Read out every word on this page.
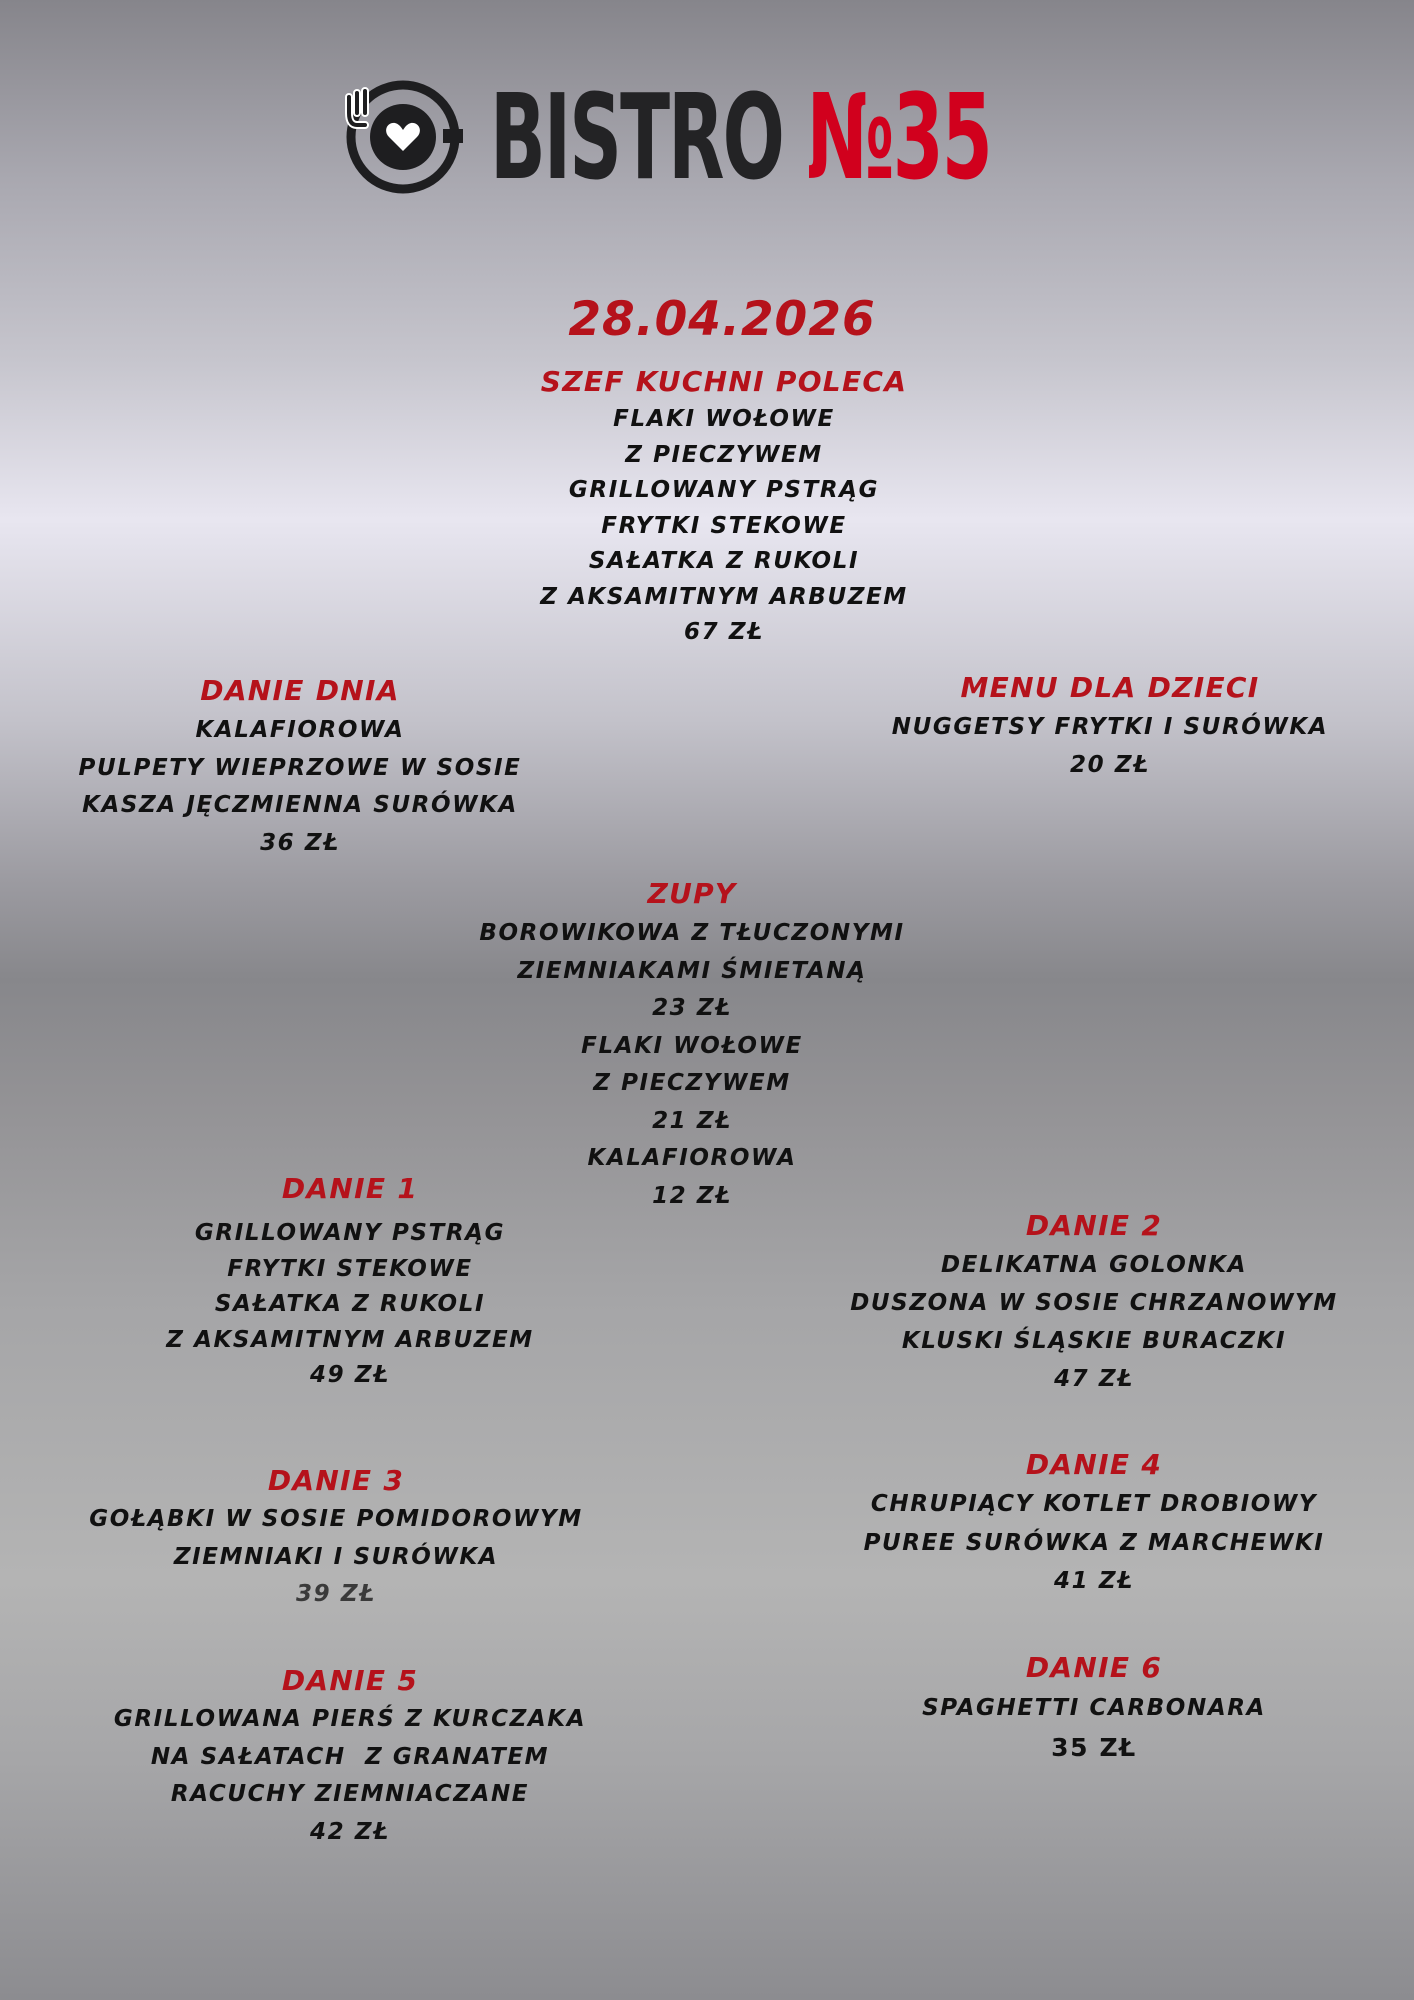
BISTRO №35
28.04.2026
SZEF KUCHNI POLECA
FLAKI WOŁOWE
Z PIECZYWEM
GRILLOWANY PSTRĄG
FRYTKI STEKOWE
SAŁATKA Z RUKOLI
Z AKSAMITNYM ARBUZEM
67 ZŁ
DANIE DNIA
KALAFIOROWA
PULPETY WIEPRZOWE W SOSIE
KASZA JĘCZMIENNA SURÓWKA
36 ZŁ
MENU DLA DZIECI
NUGGETSY FRYTKI I SURÓWKA
20 ZŁ
ZUPY
BOROWIKOWA Z TŁUCZONYMI
ZIEMNIAKAMI ŚMIETANĄ
23 ZŁ
FLAKI WOŁOWE
Z PIECZYWEM
21 ZŁ
KALAFIOROWA
12 ZŁ
DANIE 1
GRILLOWANY PSTRĄG
FRYTKI STEKOWE
SAŁATKA Z RUKOLI
Z AKSAMITNYM ARBUZEM
49 ZŁ
DANIE 2
DELIKATNA GOLONKA
DUSZONA W SOSIE CHRZANOWYM
KLUSKI ŚLĄSKIE BURACZKI
47 ZŁ
DANIE 3
GOŁĄBKI W SOSIE POMIDOROWYM
ZIEMNIAKI I SURÓWKA
39 ZŁ
DANIE 4
CHRUPIĄCY KOTLET DROBIOWY
PUREE SURÓWKA Z MARCHEWKI
41 ZŁ
DANIE 5
GRILLOWANA PIERŚ Z KURCZAKA
NA SAŁATACH  Z GRANATEM
RACUCHY ZIEMNIACZANE
42 ZŁ
DANIE 6
SPAGHETTI CARBONARA
35 ZŁ
